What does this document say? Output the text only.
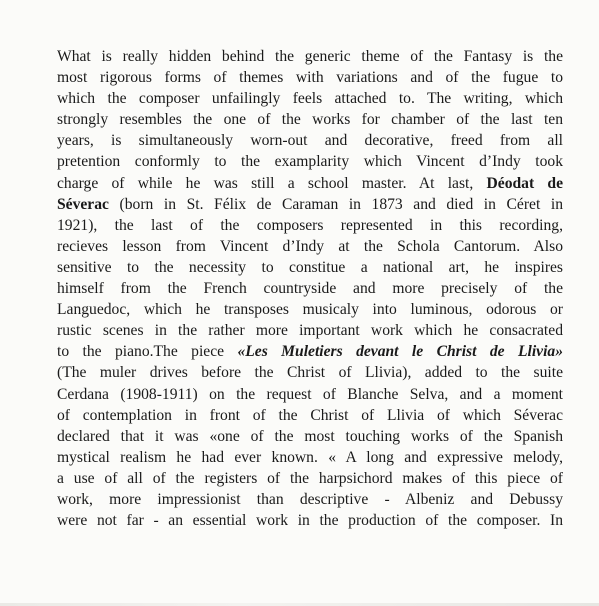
What is really hidden behind the generic theme of the Fantasy is the
most rigorous forms of themes with variations and of the fugue to
which the composer unfailingly feels attached to. The writing, which
strongly resembles the one of the works for chamber of the last ten
years, is simultaneously worn-out and decorative, freed from all
pretention conformly to the examplarity which Vincent d’Indy took
charge of while he was still a school master. At last, Déodat de
Séverac (born in St. Félix de Caraman in 1873 and died in Céret in
1921), the last of the composers represented in this recording,
recieves lesson from Vincent d’Indy at the Schola Cantorum. Also
sensitive to the necessity to constitue a national art, he inspires
himself from the French countryside and more precisely of the
Languedoc, which he transposes musicaly into luminous, odorous or
rustic scenes in the rather more important work which he consacrated
to the piano.The piece «Les Muletiers devant le Christ de Llivia»
(The muler drives before the Christ of Llivia), added to the suite
Cerdana (1908-1911) on the request of Blanche Selva, and a moment
of contemplation in front of the Christ of Llivia of which Séverac
declared that it was «one of the most touching works of the Spanish
mystical realism he had ever known. « A long and expressive melody,
a use of all of the registers of the harpsichord makes of this piece of
work, more impressionist than descriptive - Albeniz and Debussy
were not far - an essential work in the production of the composer. In
